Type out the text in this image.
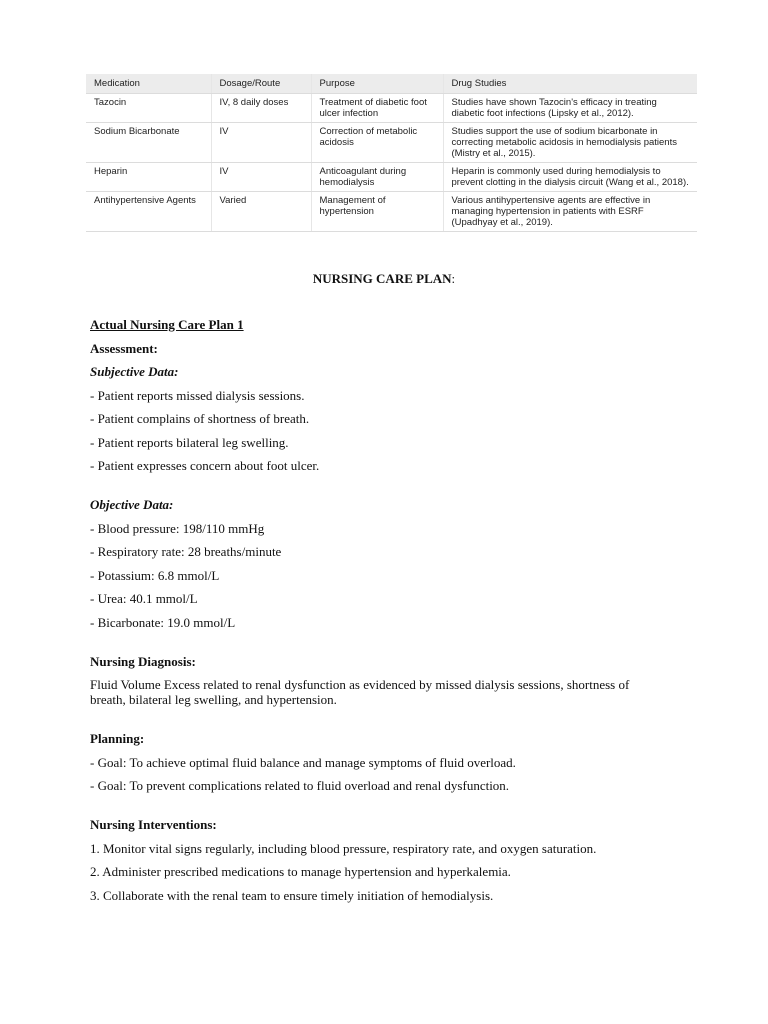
Medication	Dosage/Route	Purpose	Drug Studies
Tazocin	IV, 8 daily doses	Treatment of diabetic foot ulcer infection	Studies have shown Tazocin's efficacy in treating diabetic foot infections (Lipsky et al., 2012).
Sodium Bicarbonate	IV	Correction of metabolic acidosis	Studies support the use of sodium bicarbonate in correcting metabolic acidosis in hemodialysis patients (Mistry et al., 2015).
Heparin	IV	Anticoagulant during hemodialysis	Heparin is commonly used during hemodialysis to prevent clotting in the dialysis circuit (Wang et al., 2018).
Antihypertensive Agents	Varied	Management of hypertension	Various antihypertensive agents are effective in managing hypertension in patients with ESRF (Upadhyay et al., 2019).
NURSING CARE PLAN:

Actual Nursing Care Plan 1

Assessment:

Subjective Data:

- Patient reports missed dialysis sessions.

- Patient complains of shortness of breath.

- Patient reports bilateral leg swelling.

- Patient expresses concern about foot ulcer.

Objective Data:

- Blood pressure: 198/110 mmHg

- Respiratory rate: 28 breaths/minute

- Potassium: 6.8 mmol/L

- Urea: 40.1 mmol/L

- Bicarbonate: 19.0 mmol/L

Nursing Diagnosis:

Fluid Volume Excess related to renal dysfunction as evidenced by missed dialysis sessions, shortness of breath, bilateral leg swelling, and hypertension.

Planning:

- Goal: To achieve optimal fluid balance and manage symptoms of fluid overload.

- Goal: To prevent complications related to fluid overload and renal dysfunction.

Nursing Interventions:

1. Monitor vital signs regularly, including blood pressure, respiratory rate, and oxygen saturation.

2. Administer prescribed medications to manage hypertension and hyperkalemia.

3. Collaborate with the renal team to ensure timely initiation of hemodialysis.
